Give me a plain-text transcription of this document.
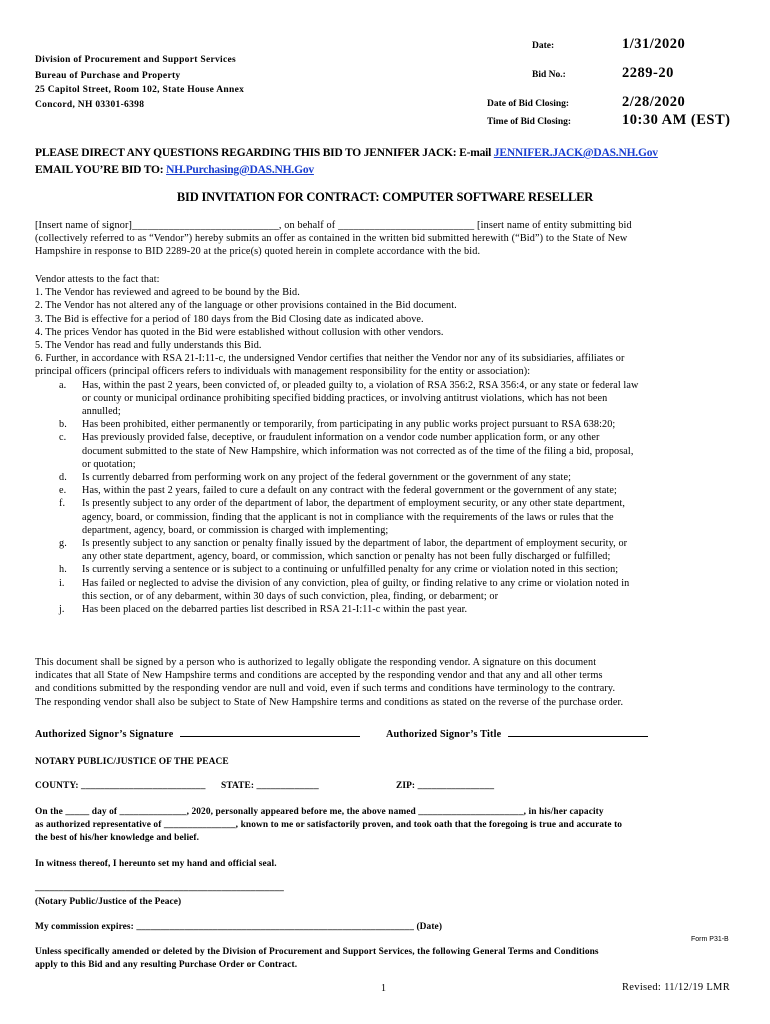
Division of Procurement and Support Services
Bureau of Purchase and Property
25 Capitol Street, Room 102, State House Annex
Concord, NH 03301-6398
Date:	1/31/2020
Bid No.:	2289-20
Date of Bid Closing:	2/28/2020
Time of Bid Closing:	10:30 AM (EST)
PLEASE DIRECT ANY QUESTIONS REGARDING THIS BID TO JENNIFER JACK: E-mail JENNIFER.JACK@DAS.NH.Gov
EMAIL YOU’RE BID TO: NH.Purchasing@DAS.NH.Gov
BID INVITATION FOR CONTRACT: COMPUTER SOFTWARE RESELLER
[Insert name of signor]____________________________, on behalf of __________________________ [insert name of entity submitting bid
(collectively referred to as “Vendor”) hereby submits an offer as contained in the written bid submitted herewith (“Bid”) to the State of New
Hampshire in response to BID 2289-20 at the price(s) quoted herein in complete accordance with the bid.
Vendor attests to the fact that:
1. The Vendor has reviewed and agreed to be bound by the Bid.
2. The Vendor has not altered any of the language or other provisions contained in the Bid document.
3. The Bid is effective for a period of 180 days from the Bid Closing date as indicated above.
4. The prices Vendor has quoted in the Bid were established without collusion with other vendors.
5. The Vendor has read and fully understands this Bid.
6. Further, in accordance with RSA 21-I:11-c, the undersigned Vendor certifies that neither the Vendor nor any of its subsidiaries, affiliates or
principal officers (principal officers refers to individuals with management responsibility for the entity or association):
a. Has, within the past 2 years, been convicted of, or pleaded guilty to, a violation of RSA 356:2, RSA 356:4, or any state or federal law
or county or municipal ordinance prohibiting specified bidding practices, or involving antitrust violations, which has not been
annulled;
b. Has been prohibited, either permanently or temporarily, from participating in any public works project pursuant to RSA 638:20;
c. Has previously provided false, deceptive, or fraudulent information on a vendor code number application form, or any other
document submitted to the state of New Hampshire, which information was not corrected as of the time of the filing a bid, proposal,
or quotation;
d. Is currently debarred from performing work on any project of the federal government or the government of any state;
e. Has, within the past 2 years, failed to cure a default on any contract with the federal government or the government of any state;
f. Is presently subject to any order of the department of labor, the department of employment security, or any other state department,
agency, board, or commission, finding that the applicant is not in compliance with the requirements of the laws or rules that the
department, agency, board, or commission is charged with implementing;
g. Is presently subject to any sanction or penalty finally issued by the department of labor, the department of employment security, or
any other state department, agency, board, or commission, which sanction or penalty has not been fully discharged or fulfilled;
h. Is currently serving a sentence or is subject to a continuing or unfulfilled penalty for any crime or violation noted in this section;
i. Has failed or neglected to advise the division of any conviction, plea of guilty, or finding relative to any crime or violation noted in
this section, or of any debarment, within 30 days of such conviction, plea, finding, or debarment; or
j. Has been placed on the debarred parties list described in RSA 21-I:11-c within the past year.
This document shall be signed by a person who is authorized to legally obligate the responding vendor. A signature on this document
indicates that all State of New Hampshire terms and conditions are accepted by the responding vendor and that any and all other terms
and conditions submitted by the responding vendor are null and void, even if such terms and conditions have terminology to the contrary.
The responding vendor shall also be subject to State of New Hampshire terms and conditions as stated on the reverse of the purchase order.
Authorized Signor’s Signature	Authorized Signor’s Title
NOTARY PUBLIC/JUSTICE OF THE PEACE
COUNTY: __________________________ STATE: _____________	ZIP: ________________
On the _____ day of ______________, 2020, personally appeared before me, the above named ______________________, in his/her capacity
as authorized representative of _______________, known to me or satisfactorily proven, and took oath that the foregoing is true and accurate to
the best of his/her knowledge and belief.
In witness thereof, I hereunto set my hand and official seal.
____________________________________________________
(Notary Public/Justice of the Peace)
My commission expires: __________________________________________________________ (Date)
Form P31-B
Unless specifically amended or deleted by the Division of Procurement and Support Services, the following General Terms and Conditions
apply to this Bid and any resulting Purchase Order or Contract.
1	Revised: 11/12/19 LMR
